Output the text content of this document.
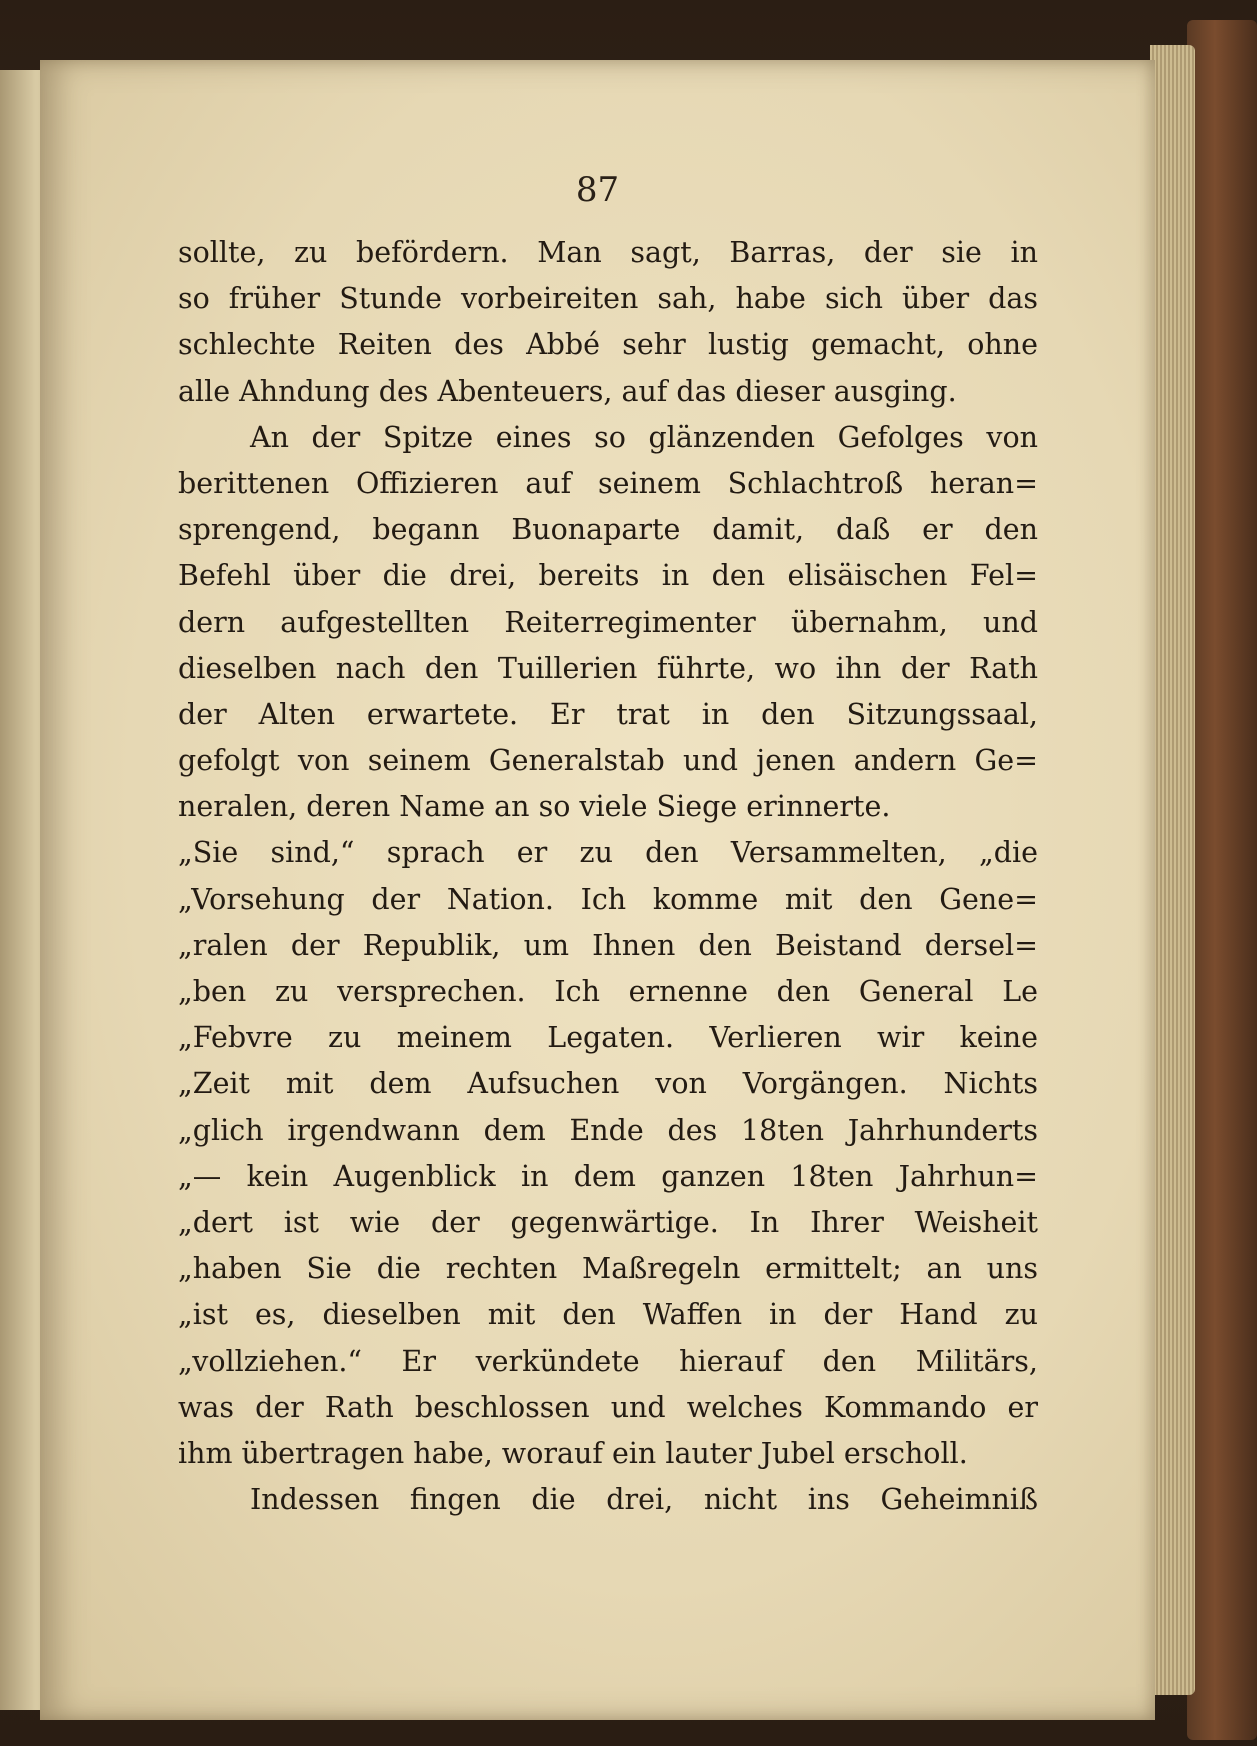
87
sollte, zu befördern. Man sagt, Barras, der sie in
so früher Stunde vorbeireiten sah, habe sich über das
schlechte Reiten des Abbé sehr lustig gemacht, ohne
alle Ahndung des Abenteuers, auf das dieser ausging.
An der Spitze eines so glänzenden Gefolges von
berittenen Offizieren auf seinem Schlachtroß heran=
sprengend, begann Buonaparte damit, daß er den
Befehl über die drei, bereits in den elisäischen Fel=
dern aufgestellten Reiterregimenter übernahm, und
dieselben nach den Tuillerien führte, wo ihn der Rath
der Alten erwartete. Er trat in den Sitzungssaal,
gefolgt von seinem Generalstab und jenen andern Ge=
neralen, deren Name an so viele Siege erinnerte.
„Sie sind,“ sprach er zu den Versammelten, „die
„Vorsehung der Nation. Ich komme mit den Gene=
„ralen der Republik, um Ihnen den Beistand dersel=
„ben zu versprechen. Ich ernenne den General Le
„Febvre zu meinem Legaten. Verlieren wir keine
„Zeit mit dem Aufsuchen von Vorgängen. Nichts
„glich irgendwann dem Ende des 18ten Jahrhunderts
„— kein Augenblick in dem ganzen 18ten Jahrhun=
„dert ist wie der gegenwärtige. In Ihrer Weisheit
„haben Sie die rechten Maßregeln ermittelt; an uns
„ist es, dieselben mit den Waffen in der Hand zu
„vollziehen.“ Er verkündete hierauf den Militärs,
was der Rath beschlossen und welches Kommando er
ihm übertragen habe, worauf ein lauter Jubel erscholl.
Indessen fingen die drei, nicht ins Geheimniß
